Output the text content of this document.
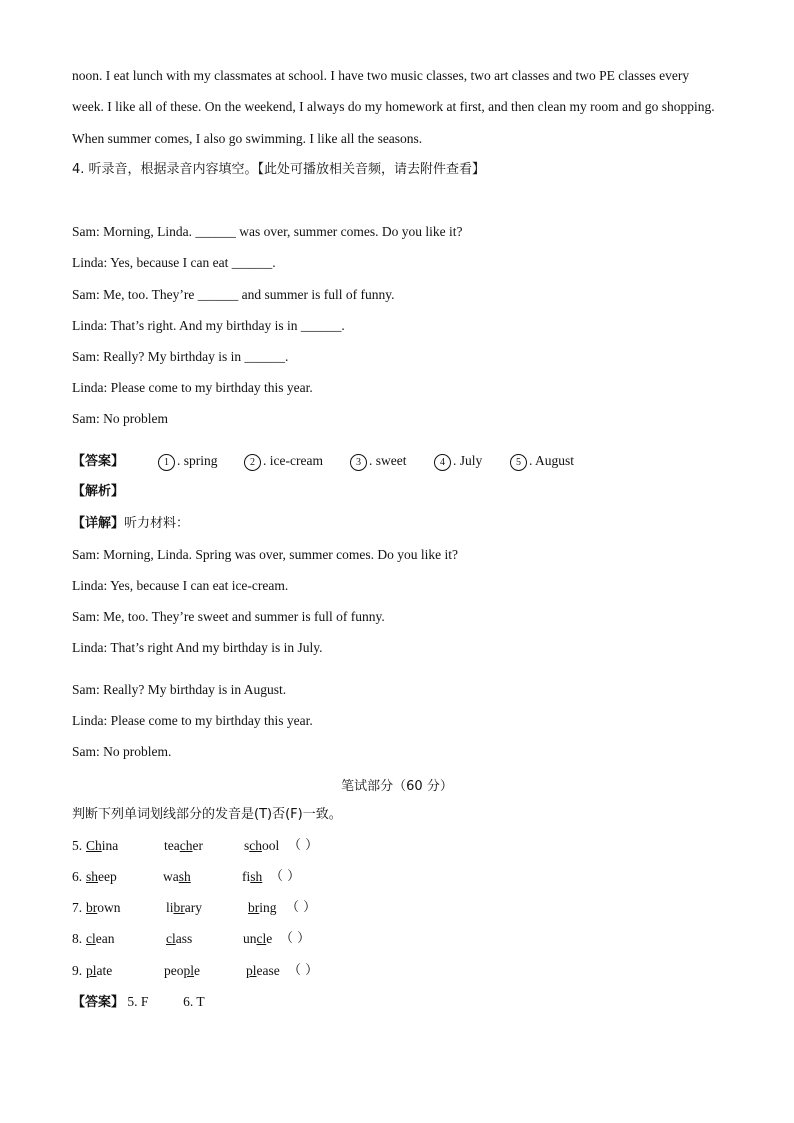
noon. I eat lunch with my classmates at school. I have two music classes, two art classes and two PE classes every
week. I like all of these. On the weekend, I always do my homework at first, and then clean my room and go shopping.
When summer comes, I also go swimming. I like all the seasons.
4. 听录音，根据录音内容填空。【此处可播放相关音频，请去附件查看】
Sam: Morning, Linda. ______ was over, summer comes. Do you like it?
Linda: Yes, because I can eat ______.
Sam: Me, too. They’re ______ and summer is full of funny.
Linda: That’s right. And my birthday is in ______.
Sam: Really? My birthday is in ______.
Linda: Please come to my birthday this year.
Sam: No problem
【答案】	1 . spring	2 . ice-cream	3 . sweet	4 . July	5 . August
【解析】
【详解】听力材料：
Sam: Morning, Linda. Spring was over, summer comes. Do you like it?
Linda: Yes, because I can eat ice-cream.
Sam: Me, too. They’re sweet and summer is full of funny.
Linda: That’s right And my birthday is in July.
Sam: Really? My birthday is in August.
Linda: Please come to my birthday this year.
Sam: No problem.
笔试部分（60 分）
判断下列单词划线部分的发音是(T)否(F)一致。
5. China	teacher	school （ ）
6. sheep	wash	fish （ ）
7. brown	library	bring （ ）
8. clean	class	uncle （ ）
9. plate	people	please （ ）
【答案】 5. F	6. T
